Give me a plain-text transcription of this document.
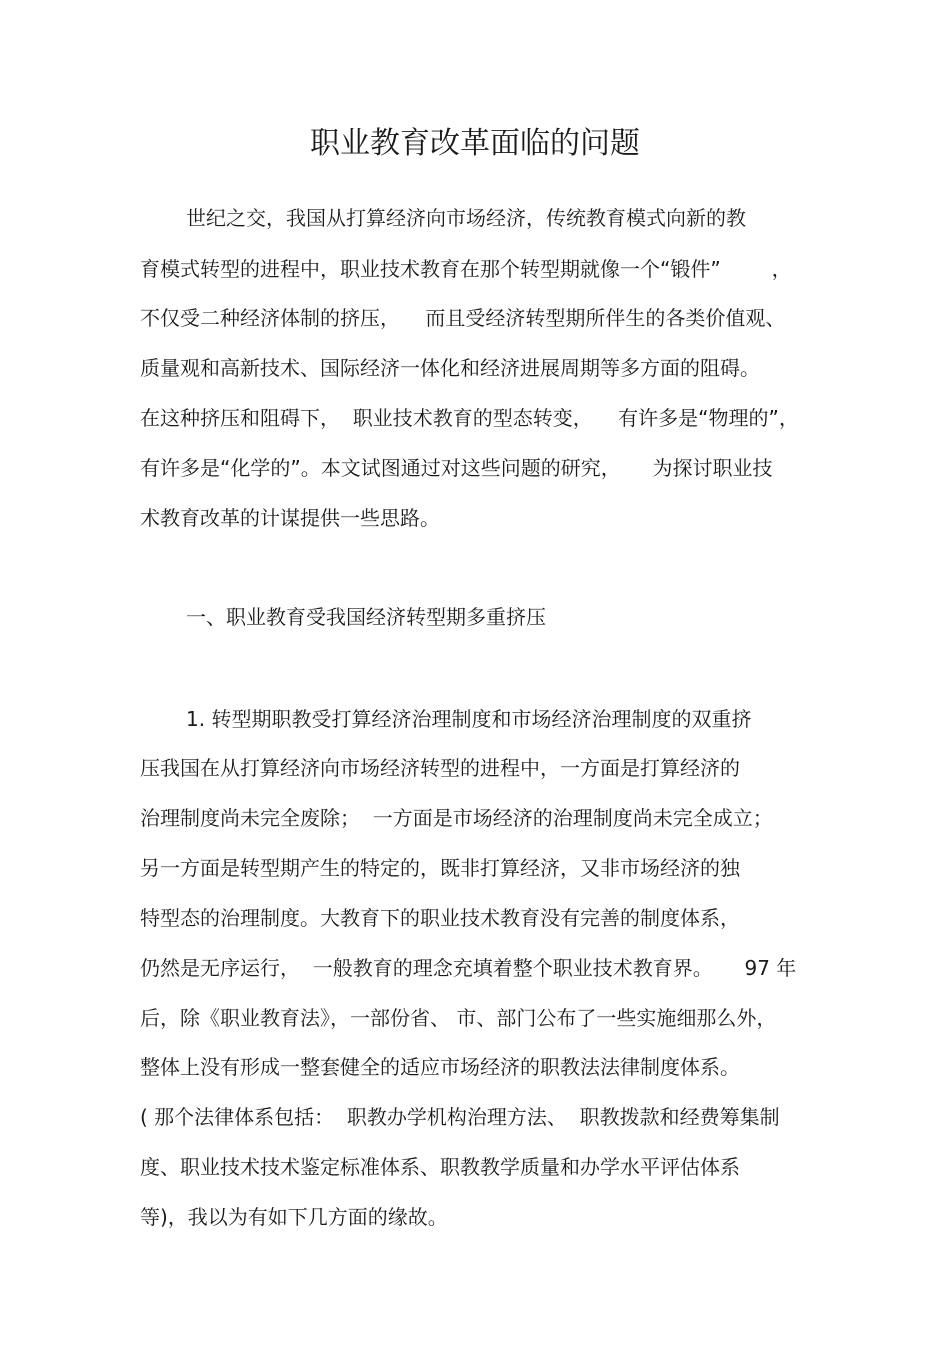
职业教育改革面临的问题

世纪之交，我国从打算经济向市场经济，传统教育模式向新的教

育模式转型的进程中，职业技术教育在那个转型期就像一个“锻件”        ，

不仅受二种经济体制的挤压，    而且受经济转型期所伴生的各类价值观、

质量观和高新技术、国际经济一体化和经济进展周期等多方面的阻碍。

在这种挤压和阻碍下，  职业技术教育的型态转变，    有许多是“物理的”，

有许多是“化学的”。本文试图通过对这些问题的研究，     为探讨职业技

术教育改革的计谋提供一些思路。

一、职业教育受我国经济转型期多重挤压

1. 转型期职教受打算经济治理制度和市场经济治理制度的双重挤

压我国在从打算经济向市场经济转型的进程中，一方面是打算经济的

治理制度尚未完全废除；  一方面是市场经济的治理制度尚未完全成立；

另一方面是转型期产生的特定的，既非打算经济，又非市场经济的独

特型态的治理制度。大教育下的职业技术教育没有完善的制度体系，

仍然是无序运行，  一般教育的理念充填着整个职业技术教育界。     97 年

后，除《职业教育法》，一部份省、 市、部门公布了一些实施细那么外，

整体上没有形成一整套健全的适应市场经济的职教法法律制度体系。

( 那个法律体系包括：  职教办学机构治理方法、  职教拨款和经费筹集制

度、职业技术技术鉴定标准体系、职教教学质量和办学水平评估体系

等)，我以为有如下几方面的缘故。
